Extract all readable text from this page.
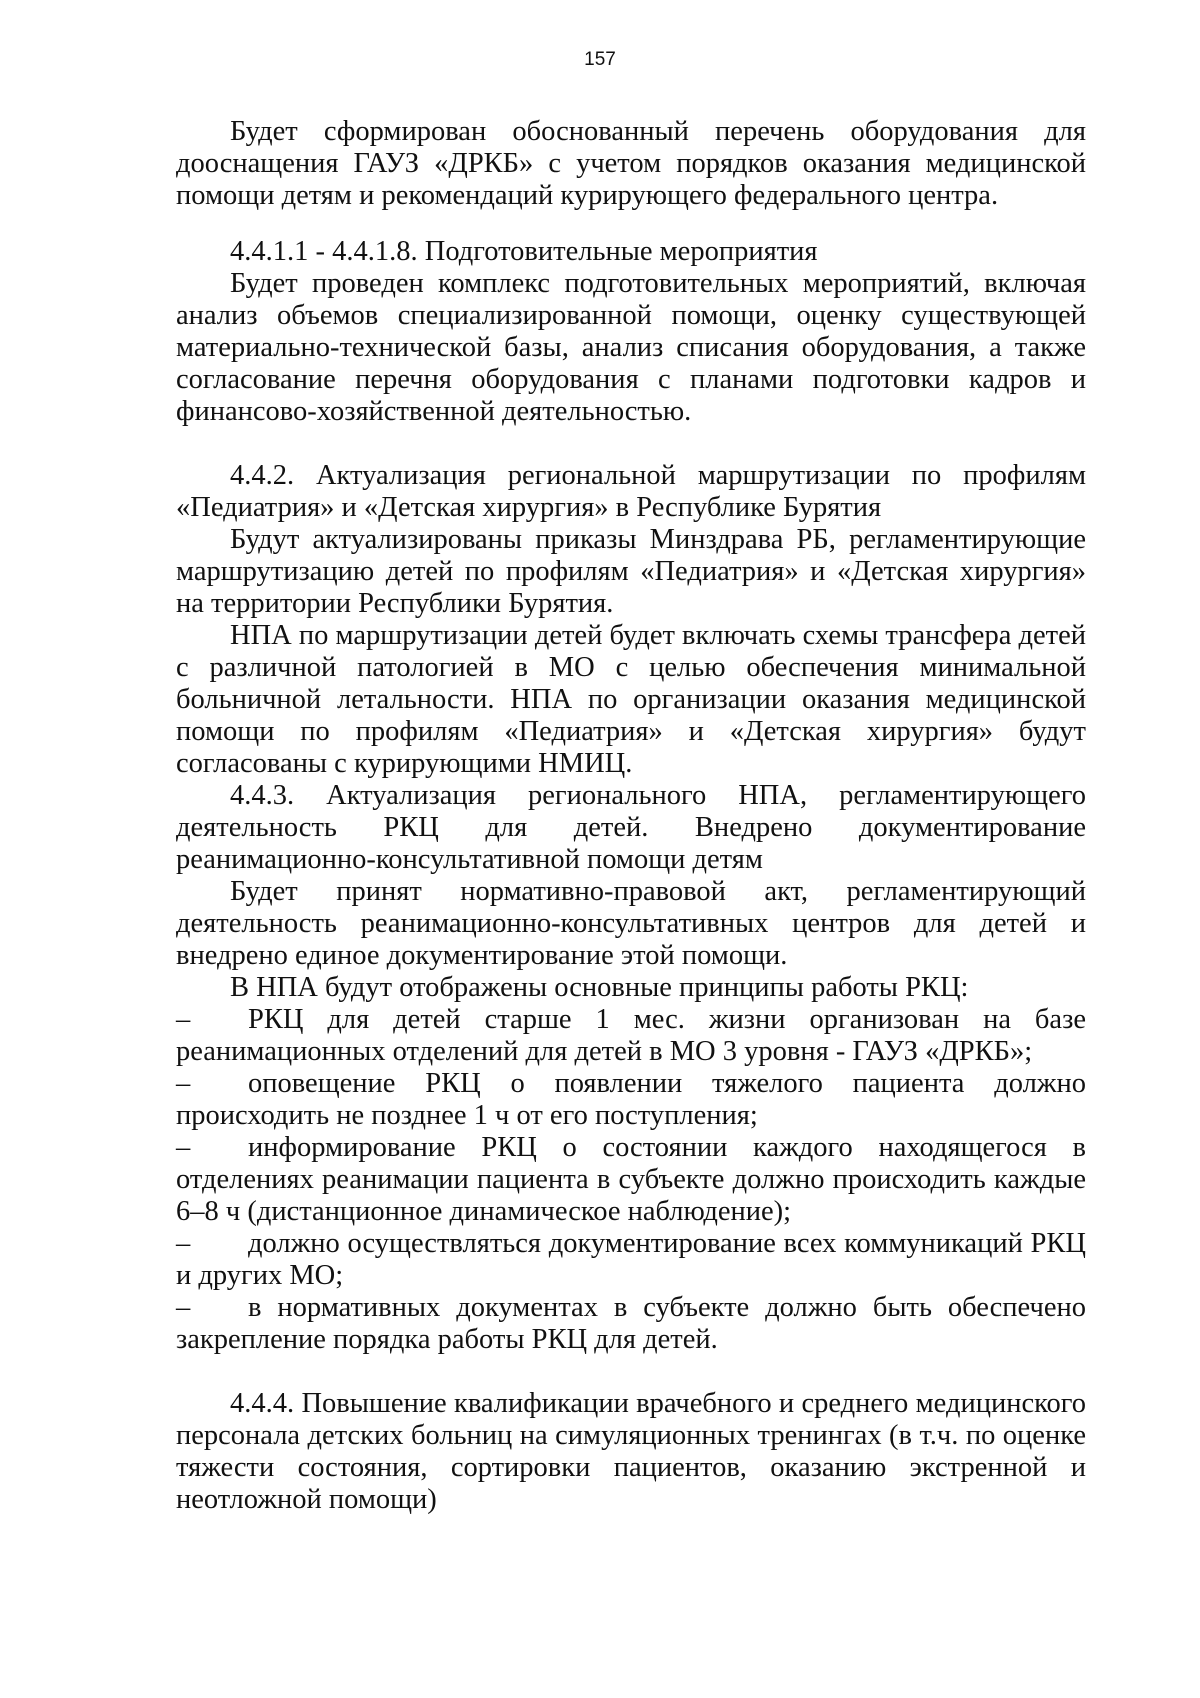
157

Будет сформирован обоснованный перечень оборудования для дооснащения ГАУЗ «ДРКБ» с учетом порядков оказания медицинской помощи детям и рекомендаций курирующего федерального центра.

4.4.1.1 - 4.4.1.8. Подготовительные мероприятия

Будет проведен комплекс подготовительных мероприятий, включая анализ объемов специализированной помощи, оценку существующей материально-технической базы, анализ списания оборудования, а также согласование перечня оборудования с планами подготовки кадров и финансово-хозяйственной деятельностью.

4.4.2. Актуализация региональной маршрутизации по профилям «Педиатрия» и «Детская хирургия» в Республике Бурятия

Будут актуализированы приказы Минздрава РБ, регламентирующие маршрутизацию детей по профилям «Педиатрия» и «Детская хирургия» на территории Республики Бурятия.

НПА по маршрутизации детей будет включать схемы трансфера детей с различной патологией в МО с целью обеспечения минимальной больничной летальности. НПА по организации оказания медицинской помощи по профилям «Педиатрия» и «Детская хирургия» будут согласованы с курирующими НМИЦ.

4.4.3. Актуализация регионального НПА, регламентирующего деятельность РКЦ для детей. Внедрено документирование реанимационно-консультативной помощи детям

Будет принят нормативно-правовой акт, регламентирующий деятельность реанимационно-консультативных центров для детей и внедрено единое документирование этой помощи.

В НПА будут отображены основные принципы работы РКЦ:

– РКЦ для детей старше 1 мес. жизни организован на базе реанимационных отделений для детей в МО 3 уровня - ГАУЗ «ДРКБ»;

– оповещение РКЦ о появлении тяжелого пациента должно происходить не позднее 1 ч от его поступления;

– информирование РКЦ о состоянии каждого находящегося в отделениях реанимации пациента в субъекте должно происходить каждые 6–8 ч (дистанционное динамическое наблюдение);

– должно осуществляться документирование всех коммуникаций РКЦ и других МО;

– в нормативных документах в субъекте должно быть обеспечено закрепление порядка работы РКЦ для детей.

4.4.4. Повышение квалификации врачебного и среднего медицинского персонала детских больниц на симуляционных тренингах (в т.ч. по оценке тяжести состояния, сортировки пациентов, оказанию экстренной и неотложной помощи)
